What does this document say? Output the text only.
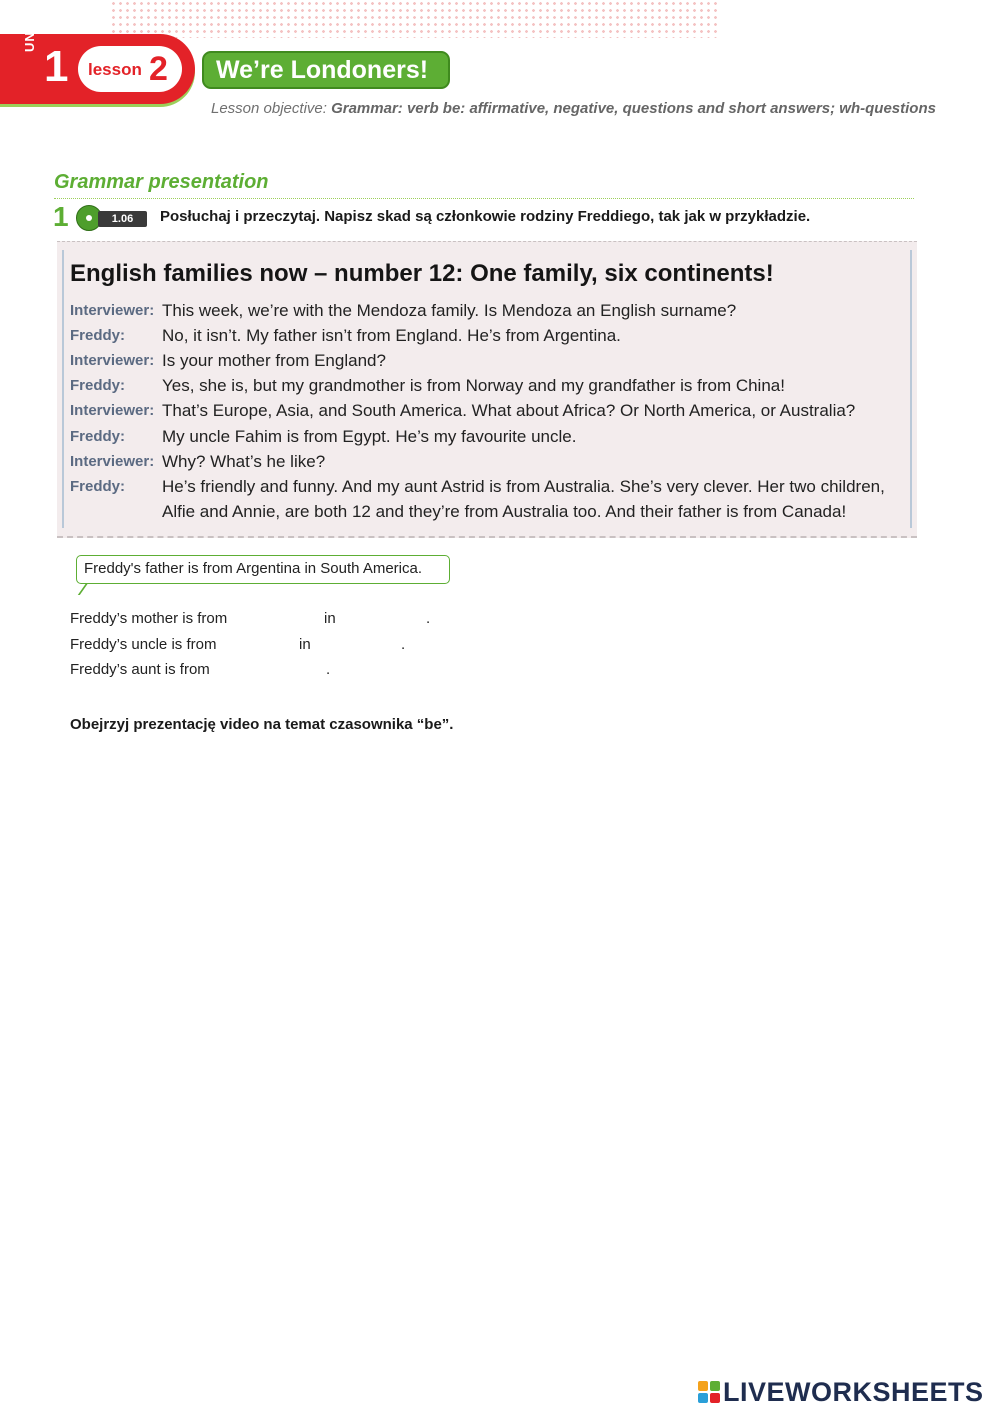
UNIT
1 lesson 2	We’re Londoners!
Lesson objective: Grammar: verb be: affirmative, negative, questions and short answers; wh-questions
Grammar presentation
1	1.06	Posłuchaj i przeczytaj. Napisz skad są członkowie rodziny Freddiego, tak jak w przykładzie.
English families now – number 12: One family, six continents!
Interviewer: This week, we’re with the Mendoza family. Is Mendoza an English surname?
Freddy:	No, it isn’t. My father isn’t from England. He’s from Argentina.
Interviewer: Is your mother from England?
Freddy:	Yes, she is, but my grandmother is from Norway and my grandfather is from China!
Interviewer: That’s Europe, Asia, and South America. What about Africa? Or North America, or Australia?
Freddy:	My uncle Fahim is from Egypt. He’s my favourite uncle.
Interviewer: Why? What’s he like?
Freddy:	He’s friendly and funny. And my aunt Astrid is from Australia. She’s very clever. Her two children,
Alfie and Annie, are both 12 and they’re from Australia too. And their father is from Canada!
Freddy's father is from Argentina in South America.
Freddy’s mother is from	in	.
Freddy’s uncle is from	in	.
Freddy’s aunt is from	.
Obejrzyj prezentację video na temat czasownika “be”.
LIVEWORKSHEETS
